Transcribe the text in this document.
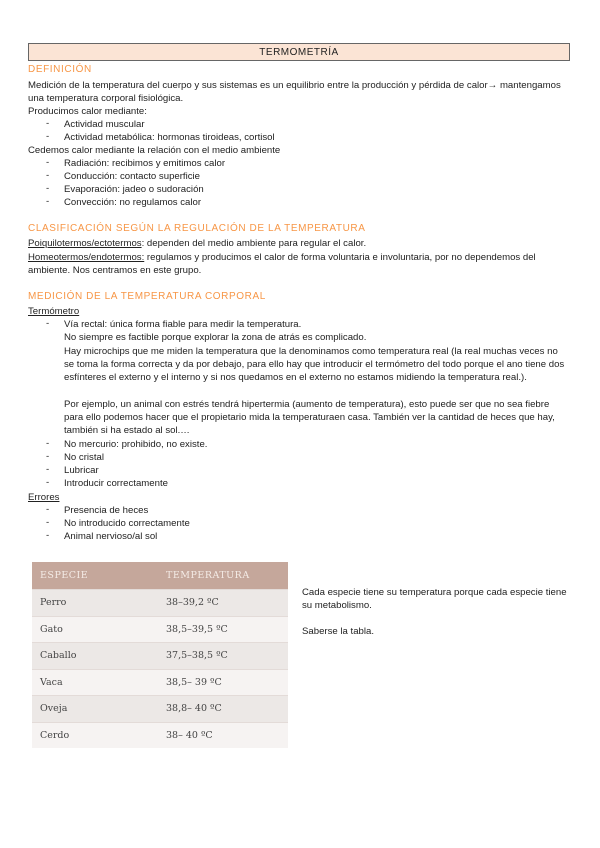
TERMOMETRÍA
DEFINICIÓN
Medición de la temperatura del cuerpo y sus sistemas es un equilibrio entre la producción y pérdida de calor→ mantengamos una temperatura corporal fisiológica.
Producimos calor mediante:
- Actividad muscular
- Actividad metabólica: hormonas tiroideas, cortisol
Cedemos calor mediante la relación con el medio ambiente
- Radiación: recibimos y emitimos calor
- Conducción: contacto superficie
- Evaporación: jadeo o sudoración
- Convección: no regulamos calor
CLASIFICACIÓN SEGÚN LA REGULACIÓN DE LA TEMPERATURA
Poiquilotermos/ectotermos: dependen del medio ambiente para regular el calor.
Homeotermos/endotermos: regulamos y producimos el calor de forma voluntaria e involuntaria, por no dependemos del ambiente. Nos centramos en este grupo.
MEDICIÓN DE LA TEMPERATURA CORPORAL
Termómetro
- Vía rectal: única forma fiable para medir la temperatura.
No siempre es factible porque explorar la zona de atrás es complicado.
Hay microchips que me miden la temperatura que la denominamos como temperatura real (la real muchas veces no se toma la forma correcta y da por debajo, para ello hay que introducir el termómetro del todo porque el ano tiene dos esfínteres el externo y el interno y si nos quedamos en el externo no estamos midiendo la temperatura real.).
Por ejemplo, un animal con estrés tendrá hipertermia (aumento de temperatura), esto puede ser que no sea fiebre para ello podemos hacer que el propietario mida la temperaturaen casa. También ver la cantidad de heces que hay, también si ha estado al sol.…
- No mercurio: prohibido, no existe.
- No cristal
- Lubricar
- Introducir correctamente
Errores
- Presencia de heces
- No introducido correctamente
- Animal nervioso/al sol
ESPECIE	TEMPERATURA
Perro	38–39,2 ºC
Gato	38,5–39,5 ºC
Caballo	37,5–38,5 ºC
Vaca	38,5– 39 ºC
Oveja	38,8– 40 ºC
Cerdo	38– 40 ºC
Cada especie tiene su temperatura porque cada especie tiene su metabolismo.
Saberse la tabla.
